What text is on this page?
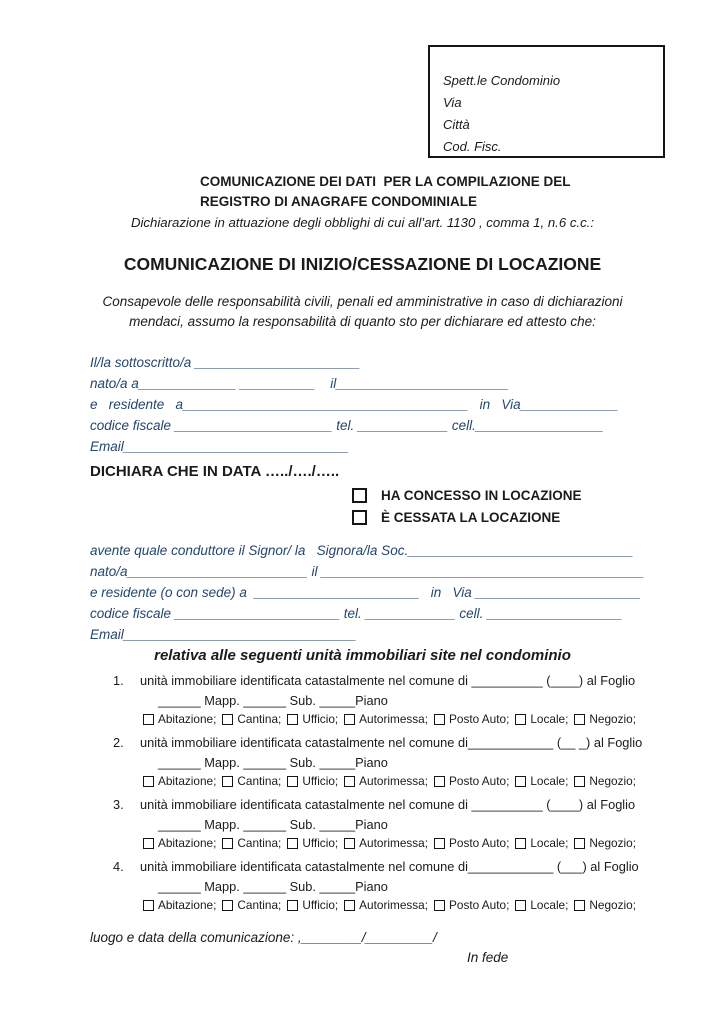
Spett.le Condominio
Via
Città
Cod. Fisc.
COMUNICAZIONE DEI DATI  PER LA COMPILAZIONE DEL
REGISTRO DI ANAGRAFE CONDOMINIALE
Dichiarazione in attuazione degli obblighi di cui all’art. 1130 , comma 1, n.6 c.c.:
COMUNICAZIONE DI INIZIO/CESSAZIONE DI LOCAZIONE
Consapevole delle responsabilità civili, penali ed amministrative in caso di dichiarazioni mendaci, assumo la responsabilità di quanto sto per dichiarare ed attesto che:
Il/la sottoscritto/a ______________________
nato/a a_____________ __________    il_______________________
e   residente   a______________________________________   in   Via_____________
codice fiscale _____________________ tel. ____________ cell._________________
Email______________________________
DICHIARA CHE IN DATA …../…./…..
HA CONCESSO IN LOCAZIONE
È CESSATA LA LOCAZIONE
avente quale conduttore il Signor/ la   Signora/la Soc.______________________________
nato/a________________________ il ___________________________________________
e residente (o con sede) a  ______________________   in   Via ______________________
codice fiscale ______________________ tel. ____________ cell. __________________
Email_______________________________
relativa alle seguenti unità immobiliari site nel condominio
1.	unità immobiliare identificata catastalmente nel comune di __________ (____) al Foglio
______ Mapp. ______ Sub. _____Piano
Abitazione; Cantina; Ufficio; Autorimessa; Posto Auto; Locale; Negozio;
2.	unità immobiliare identificata catastalmente nel comune di____________ (__ _) al Foglio
______ Mapp. ______ Sub. _____Piano
Abitazione; Cantina; Ufficio; Autorimessa; Posto Auto; Locale; Negozio;
3.	unità immobiliare identificata catastalmente nel comune di __________ (____) al Foglio
______ Mapp. ______ Sub. _____Piano
Abitazione; Cantina; Ufficio; Autorimessa; Posto Auto; Locale; Negozio;
4.	unità immobiliare identificata catastalmente nel comune di____________ (___) al Foglio
______ Mapp. ______ Sub. _____Piano
Abitazione; Cantina; Ufficio; Autorimessa; Posto Auto; Locale; Negozio;
luogo e data della comunicazione: ,________/_________/
In fede
